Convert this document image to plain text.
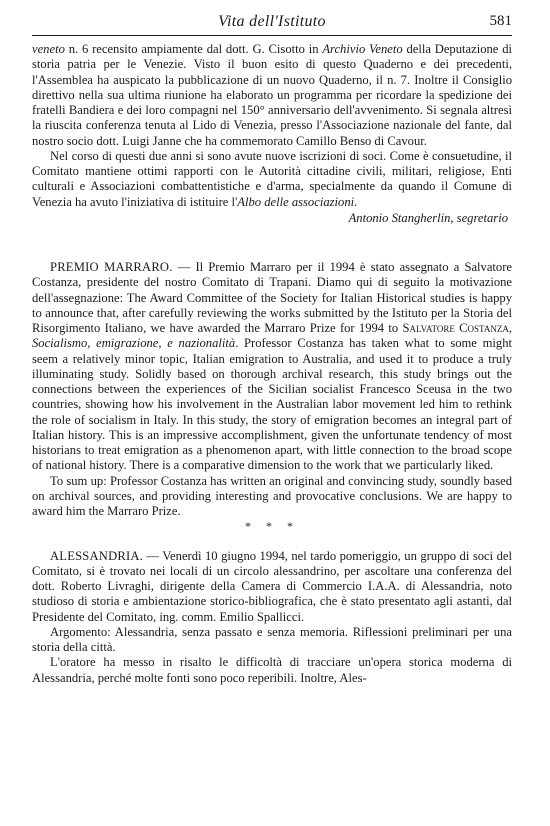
Vita dell'Istituto	581

veneto n. 6 recensito ampiamente dal dott. G. Cisotto in Archivio Veneto della Deputazione di storia patria per le Venezie. Visto il buon esito di questo Quaderno e dei precedenti, l'Assemblea ha auspicato la pubblicazione di un nuovo Quaderno, il n. 7. Inoltre il Consiglio direttivo nella sua ultima riunione ha elaborato un programma per ricordare la spedizione dei fratelli Bandiera e dei loro compagni nel 150° anniversario dell'avvenimento. Si segnala altresì la riuscita conferenza tenuta al Lido di Venezia, presso l'Associazione nazionale del fante, dal nostro socio dott. Luigi Janne che ha commemorato Camillo Benso di Cavour.

Nel corso di questi due anni si sono avute nuove iscrizioni di soci. Come è consuetudine, il Comitato mantiene ottimi rapporti con le Autorità cittadine civili, militari, religiose, Enti culturali e Associazioni combattentistiche e d'arma, specialmente da quando il Comune di Venezia ha avuto l'iniziativa di istituire l'Albo delle associazioni.

Antonio Stangherlin, segretario

PREMIO MARRARO. — Il Premio Marraro per il 1994 è stato assegnato a Salvatore Costanza, presidente del nostro Comitato di Trapani. Diamo qui di seguito la motivazione dell'assegnazione: The Award Committee of the Society for Italian Historical studies is happy to announce that, after carefully reviewing the works submitted by the Istituto per la Storia del Risorgimento Italiano, we have awarded the Marraro Prize for 1994 to Salvatore Costanza, Socialismo, emigrazione, e nazionalità. Professor Costanza has taken what to some might seem a relatively minor topic, Italian emigration to Australia, and used it to produce a truly illuminating study. Solidly based on thorough archival research, this study brings out the connections between the experiences of the Sicilian socialist Francesco Sceusa in the two countries, showing how his involvement in the Australian labor movement led him to rethink the role of socialism in Italy. In this study, the story of emigration becomes an integral part of Italian history. This is an impressive accomplishment, given the unfortunate tendency of most historians to treat emigration as a phenomenon apart, with little connection to the broad scope of national history. There is a comparative dimension to the work that we particularly liked.

To sum up: Professor Costanza has written an original and convincing study, soundly based on archival sources, and providing interesting and provocative conclusions. We are happy to award him the Marraro Prize.

* * *

ALESSANDRIA. — Venerdì 10 giugno 1994, nel tardo pomeriggio, un gruppo di soci del Comitato, si è trovato nei locali di un circolo alessandrino, per ascoltare una conferenza del dott. Roberto Livraghi, dirigente della Camera di Commercio I.A.A. di Alessandria, noto studioso di storia e ambientazione storico-bibliografica, che è stato presentato agli astanti, dal Presidente del Comitato, ing. comm. Emilio Spallicci.

Argomento: Alessandria, senza passato e senza memoria. Riflessioni preliminari per una storia della città.

L'oratore ha messo in risalto le difficoltà di tracciare un'opera storica moderna di Alessandria, perché molte fonti sono poco reperibili. Inoltre, Ales-
